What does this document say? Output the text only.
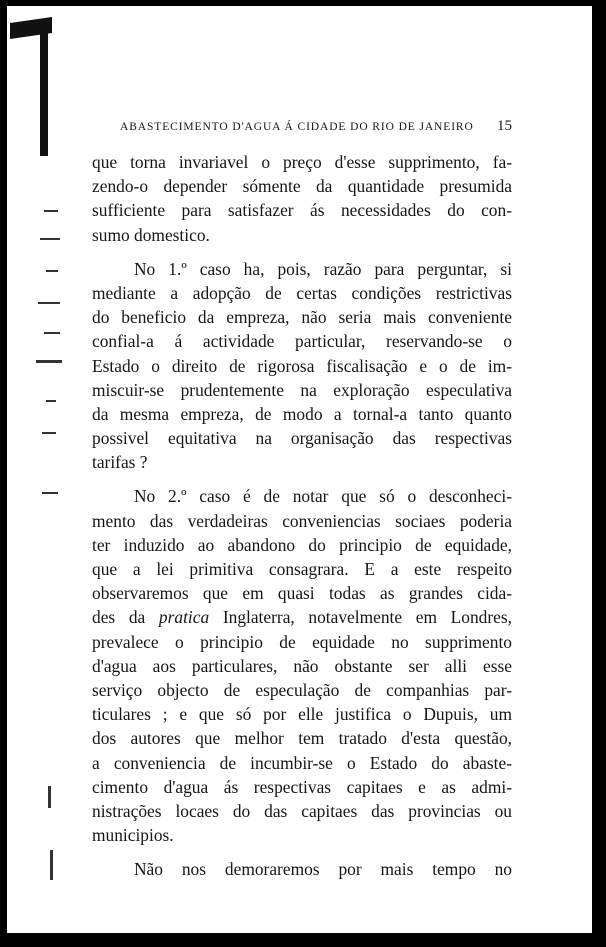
ABASTECIMENTO D'AGUA Á CIDADE DO RIO DE JANEIRO 15
que torna invariavel o preço d'esse supprimento, fa-
zendo-o depender sómente da quantidade presumida
sufficiente para satisfazer ás necessidades do con-
sumo domestico.
No 1.º caso ha, pois, razão para perguntar, si
mediante a adopção de certas condições restrictivas
do beneficio da empreza, não seria mais conveniente
confial-a á actividade particular, reservando-se o
Estado o direito de rigorosa fiscalisação e o de im-
miscuir-se prudentemente na exploração especulativa
da mesma empreza, de modo a tornal-a tanto quanto
possivel equitativa na organisação das respectivas
tarifas ?
No 2.º caso é de notar que só o desconheci-
mento das verdadeiras conveniencias sociaes poderia
ter induzido ao abandono do principio de equidade,
que a lei primitiva consagrara. E a este respeito
observaremos que em quasi todas as grandes cida-
des da pratica Inglaterra, notavelmente em Londres,
prevalece o principio de equidade no supprimento
d'agua aos particulares, não obstante ser alli esse
serviço objecto de especulação de companhias par-
ticulares ; e que só por elle justifica o Dupuis, um
dos autores que melhor tem tratado d'esta questão,
a conveniencia de incumbir-se o Estado do abaste-
cimento d'agua ás respectivas capitaes e as admi-
nistrações locaes do das capitaes das provincias ou
municipios.
Não nos demoraremos por mais tempo no
